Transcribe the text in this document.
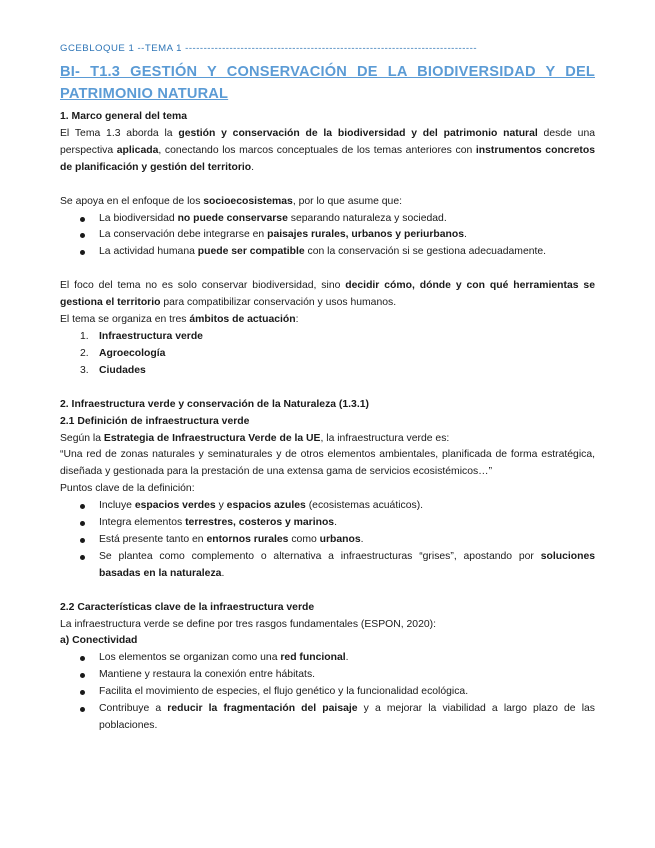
GCEBLOQUE 1 --TEMA 1 -------------------------------------------------------------------------------
BI- T1.3 GESTIÓN Y CONSERVACIÓN DE LA BIODIVERSIDAD Y DEL PATRIMONIO NATURAL
1. Marco general del tema

El Tema 1.3 aborda la gestión y conservación de la biodiversidad y del patrimonio natural desde una perspectiva aplicada, conectando los marcos conceptuales de los temas anteriores con instrumentos concretos de planificación y gestión del territorio.

Se apoya en el enfoque de los socioecosistemas, por lo que asume que:

La biodiversidad no puede conservarse separando naturaleza y sociedad.
La conservación debe integrarse en paisajes rurales, urbanos y periurbanos.
La actividad humana puede ser compatible con la conservación si se gestiona adecuadamente.

El foco del tema no es solo conservar biodiversidad, sino decidir cómo, dónde y con qué herramientas se gestiona el territorio para compatibilizar conservación y usos humanos.

El tema se organiza en tres ámbitos de actuación:

1. Infraestructura verde
2. Agroecología
3. Ciudades
2. Infraestructura verde y conservación de la Naturaleza (1.3.1)
2.1 Definición de infraestructura verde

Según la Estrategia de Infraestructura Verde de la UE, la infraestructura verde es:

“Una red de zonas naturales y seminaturales y de otros elementos ambientales, planificada de forma estratégica, diseñada y gestionada para la prestación de una extensa gama de servicios ecosistémicos…”

Puntos clave de la definición:

Incluye espacios verdes y espacios azules (ecosistemas acuáticos).
Integra elementos terrestres, costeros y marinos.
Está presente tanto en entornos rurales como urbanos.
Se plantea como complemento o alternativa a infraestructuras “grises”, apostando por soluciones basadas en la naturaleza.
2.2 Características clave de la infraestructura verde

La infraestructura verde se define por tres rasgos fundamentales (ESPON, 2020):

a) Conectividad
Los elementos se organizan como una red funcional.
Mantiene y restaura la conexión entre hábitats.
Facilita el movimiento de especies, el flujo genético y la funcionalidad ecológica.
Contribuye a reducir la fragmentación del paisaje y a mejorar la viabilidad a largo plazo de las poblaciones.
